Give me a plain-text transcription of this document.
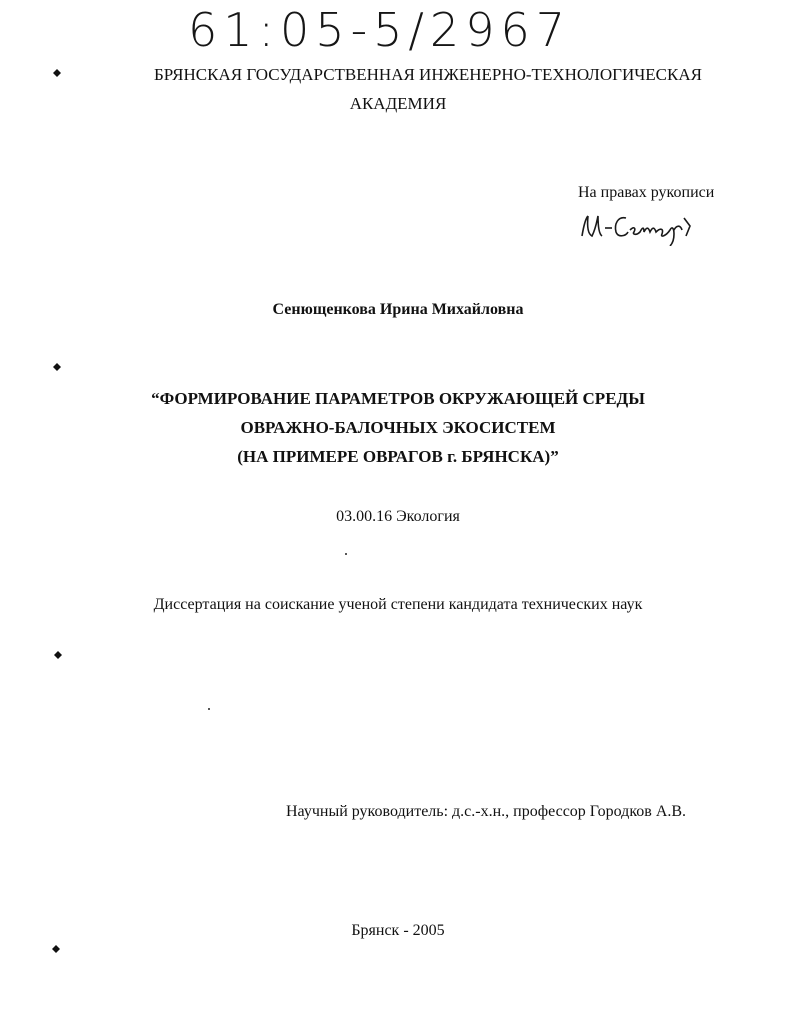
61:05-5/2967
БРЯНСКАЯ ГОСУДАРСТВЕННАЯ ИНЖЕНЕРНО-ТЕХНОЛОГИЧЕСКАЯ
АКАДЕМИЯ
На правах рукописи
Сенющенкова Ирина Михайловна
“ФОРМИРОВАНИЕ ПАРАМЕТРОВ ОКРУЖАЮЩЕЙ СРЕДЫ
ОВРАЖНО-БАЛОЧНЫХ ЭКОСИСТЕМ
(НА ПРИМЕРЕ ОВРАГОВ г. БРЯНСКА)”
03.00.16 Экология
Диссертация на соискание ученой степени кандидата технических наук
Научный руководитель: д.с.-х.н., профессор Городков А.В.
Брянск - 2005
